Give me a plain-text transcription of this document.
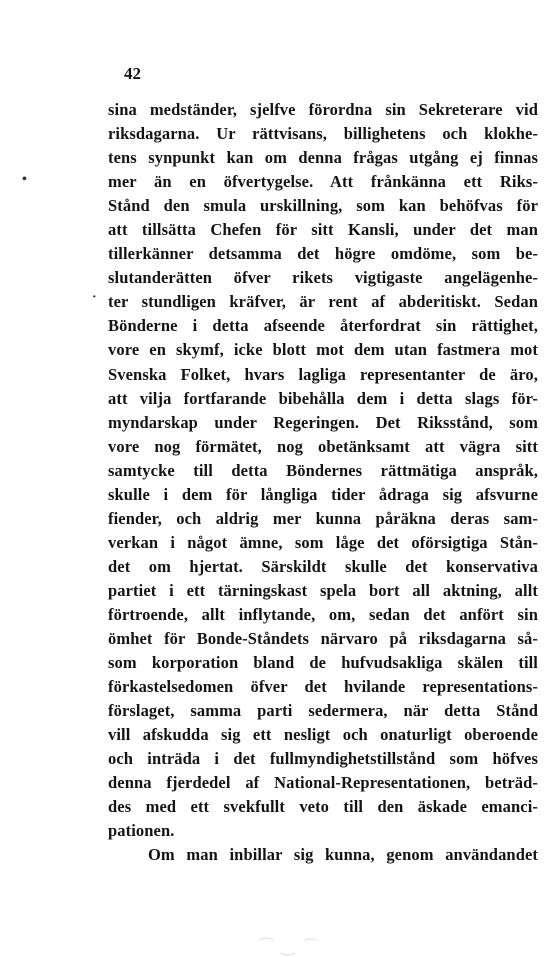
42
•
·
sina medständer, sjelfve förordna sin Sekreterare vid
riksdagarna. Ur rättvisans, billighetens och klokhe-
tens synpunkt kan om denna frågas utgång ej finnas
mer än en öfvertygelse. Att frånkänna ett Riks-
Stånd den smula urskillning, som kan behöfvas för
att tillsätta Chefen för sitt Kansli, under det man
tillerkänner detsamma det högre omdöme, som be-
slutanderätten öfver rikets vigtigaste angelägenhe-
ter stundligen kräfver, är rent af abderitiskt. Sedan
Bönderne i detta afseende återfordrat sin rättighet,
vore en skymf, icke blott mot dem utan fastmera mot
Svenska Folket, hvars lagliga representanter de äro,
att vilja fortfarande bibehålla dem i detta slags för-
myndarskap under Regeringen. Det Riksstånd, som
vore nog förmätet, nog obetänksamt att vägra sitt
samtycke till detta Böndernes rättmätiga anspråk,
skulle i dem för långliga tider ådraga sig afsvurne
fiender, och aldrig mer kunna påräkna deras sam-
verkan i något ämne, som låge det oförsigtiga Stån-
det om hjertat. Särskildt skulle det konservativa
partiet i ett tärningskast spela bort all aktning, allt
förtroende, allt inflytande, om, sedan det anfört sin
ömhet för Bonde-Ståndets närvaro på riksdagarna så-
som korporation bland de hufvudsakliga skälen till
förkastelsedomen öfver det hvilande representations-
förslaget, samma parti sedermera, när detta Stånd
vill afskudda sig ett nesligt och onaturligt oberoende
och inträda i det fullmyndighetstillstånd som höfves
denna fjerdedel af National-Representationen, beträd-
des med ett svekfullt veto till den äskade emanci-
pationen.
Om man inbillar sig kunna, genom användandet
⁀ ‿ ⌒
